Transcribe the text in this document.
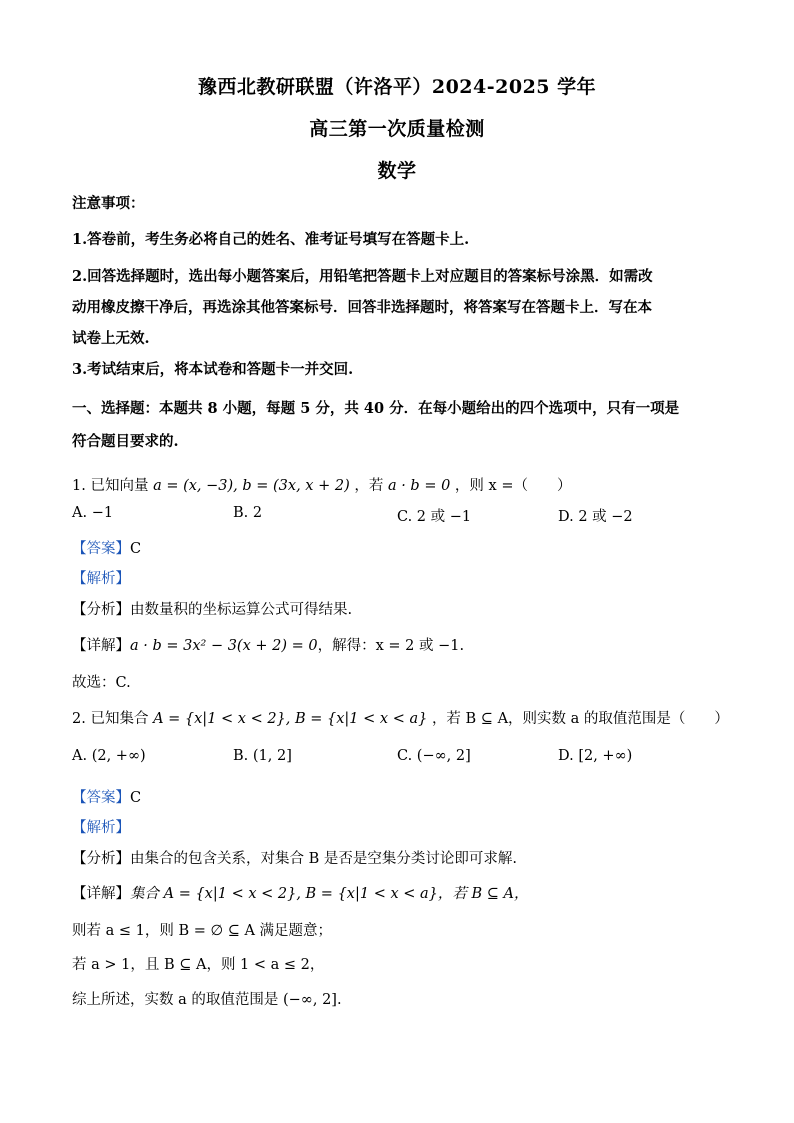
豫西北教研联盟（许洛平）2024-2025 学年
高三第一次质量检测
数学
注意事项：
1.答卷前，考生务必将自己的姓名、准考证号填写在答题卡上.
2.回答选择题时，选出每小题答案后，用铅笔把答题卡上对应题目的答案标号涂黑．如需改
动用橡皮擦干净后，再选涂其他答案标号．回答非选择题时，将答案写在答题卡上．写在本
试卷上无效.
3.考试结束后，将本试卷和答题卡一并交回.
一、选择题：本题共 8 小题，每题 5 分，共 40 分．在每小题给出的四个选项中，只有一项是
符合题目要求的.
1. 已知向量 a = (x, −3), b = (3x, x + 2) ，若 a · b = 0 ，则 x =（　　）
A. −1	B. 2	C. 2 或 −1	D. 2 或 −2
【答案】C
【解析】
【分析】由数量积的坐标运算公式可得结果.
【详解】a · b = 3x² − 3(x + 2) = 0，解得：x = 2 或 −1.
故选：C.
2. 已知集合 A = {x|1 < x < 2}, B = {x|1 < x < a} ，若 B ⊆ A，则实数 a 的取值范围是（　　）
A. (2, +∞)	B. (1, 2]	C. (−∞, 2]	D. [2, +∞)
【答案】C
【解析】
【分析】由集合的包含关系，对集合 B 是否是空集分类讨论即可求解.
【详解】集合 A = {x|1 < x < 2}, B = {x|1 < x < a}，若 B ⊆ A，
则若 a ≤ 1，则 B = ∅ ⊆ A 满足题意；
若 a > 1，且 B ⊆ A，则 1 < a ≤ 2，
综上所述，实数 a 的取值范围是 (−∞, 2].
